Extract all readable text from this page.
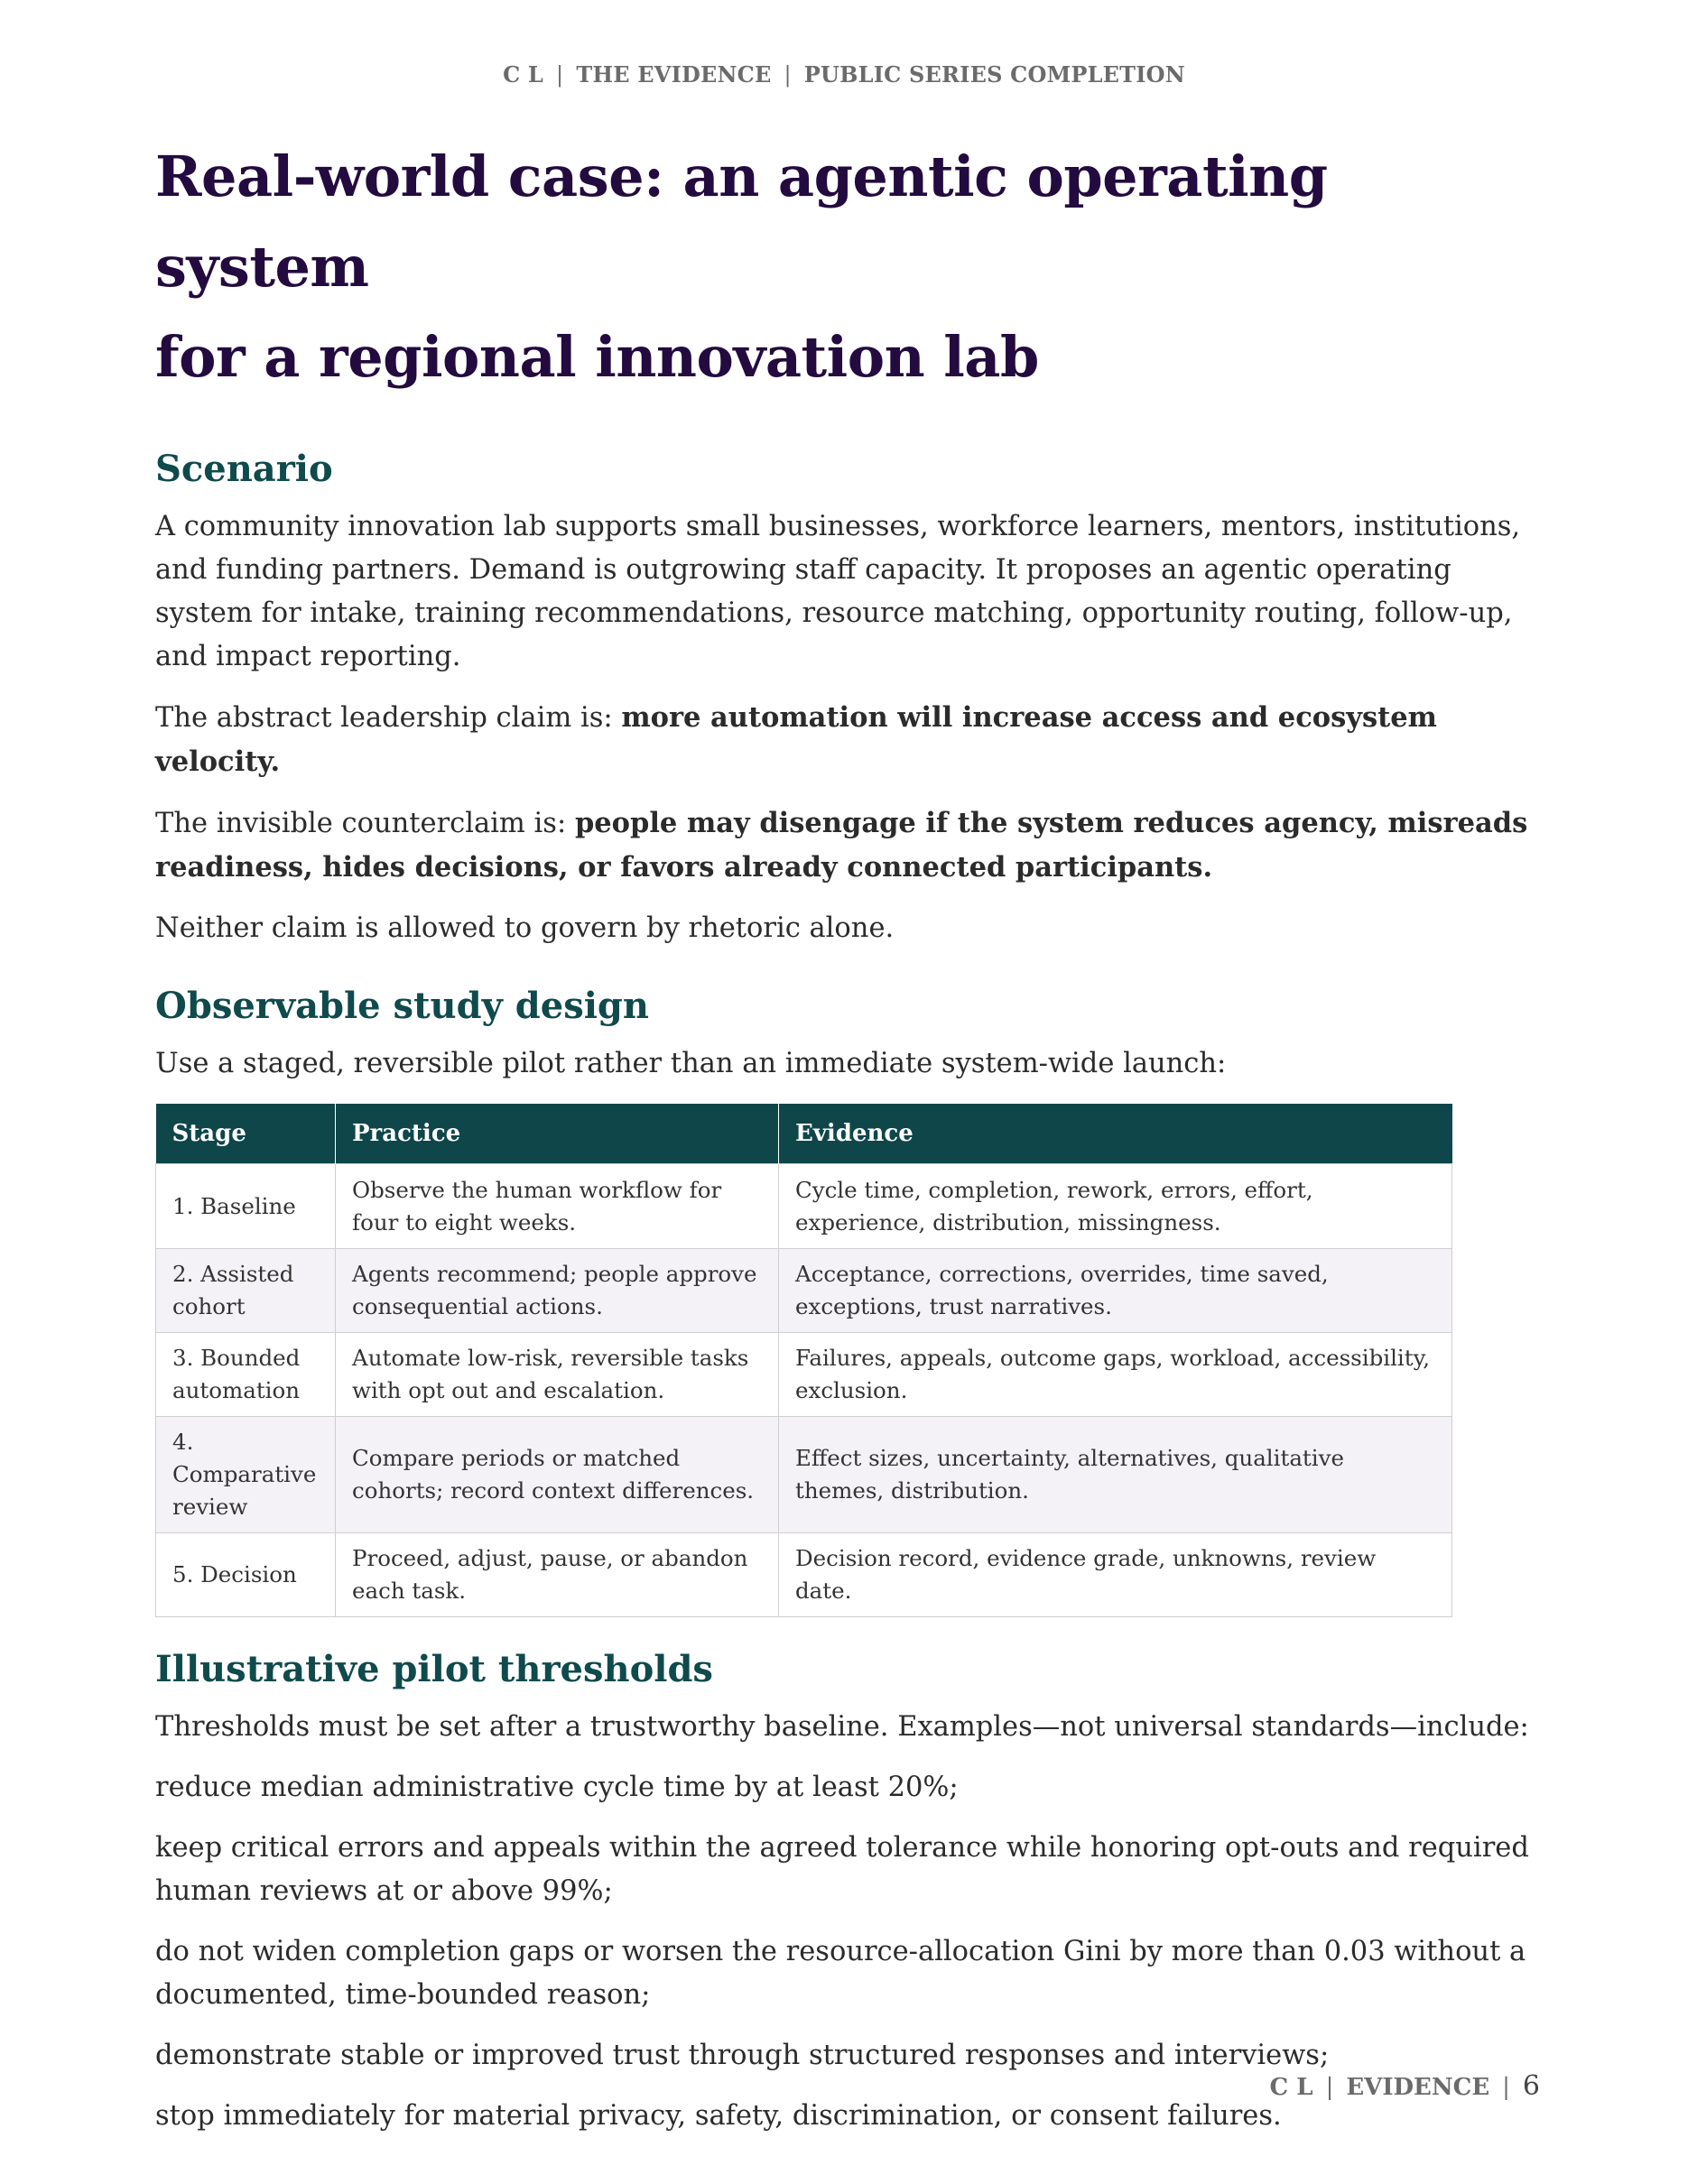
C L | THE EVIDENCE | PUBLIC SERIES COMPLETION
Real-world case: an agentic operating system
for a regional innovation lab
Scenario

A community innovation lab supports small businesses, workforce learners, mentors, institutions, and funding partners. Demand is outgrowing staff capacity. It proposes an agentic operating system for intake, training recommendations, resource matching, opportunity routing, follow-up, and impact reporting.

The abstract leadership claim is: more automation will increase access and ecosystem velocity.

The invisible counterclaim is: people may disengage if the system reduces agency, misreads readiness, hides decisions, or favors already connected participants.

Neither claim is allowed to govern by rhetoric alone.

Observable study design

Use a staged, reversible pilot rather than an immediate system-wide launch:

Stage	Practice	Evidence
1. Baseline	Observe the human workflow for four to eight weeks.	Cycle time, completion, rework, errors, effort, experience, distribution, missingness.
2. Assisted cohort	Agents recommend; people approve consequential actions.	Acceptance, corrections, overrides, time saved, exceptions, trust narratives.
3. Bounded automation	Automate low-risk, reversible tasks with opt out and escalation.	Failures, appeals, outcome gaps, workload, accessibility, exclusion.
4. Comparative review	Compare periods or matched cohorts; record context differences.	Effect sizes, uncertainty, alternatives, qualitative themes, distribution.
5. Decision	Proceed, adjust, pause, or abandon each task.	Decision record, evidence grade, unknowns, review date.
Illustrative pilot thresholds

Thresholds must be set after a trustworthy baseline. Examples—not universal standards—include:

reduce median administrative cycle time by at least 20%;

keep critical errors and appeals within the agreed tolerance while honoring opt-outs and required human reviews at or above 99%;

do not widen completion gaps or worsen the resource-allocation Gini by more than 0.03 without a documented, time-bounded reason;

demonstrate stable or improved trust through structured responses and interviews;

stop immediately for material privacy, safety, discrimination, or consent failures.

C L | EVIDENCE | 6
